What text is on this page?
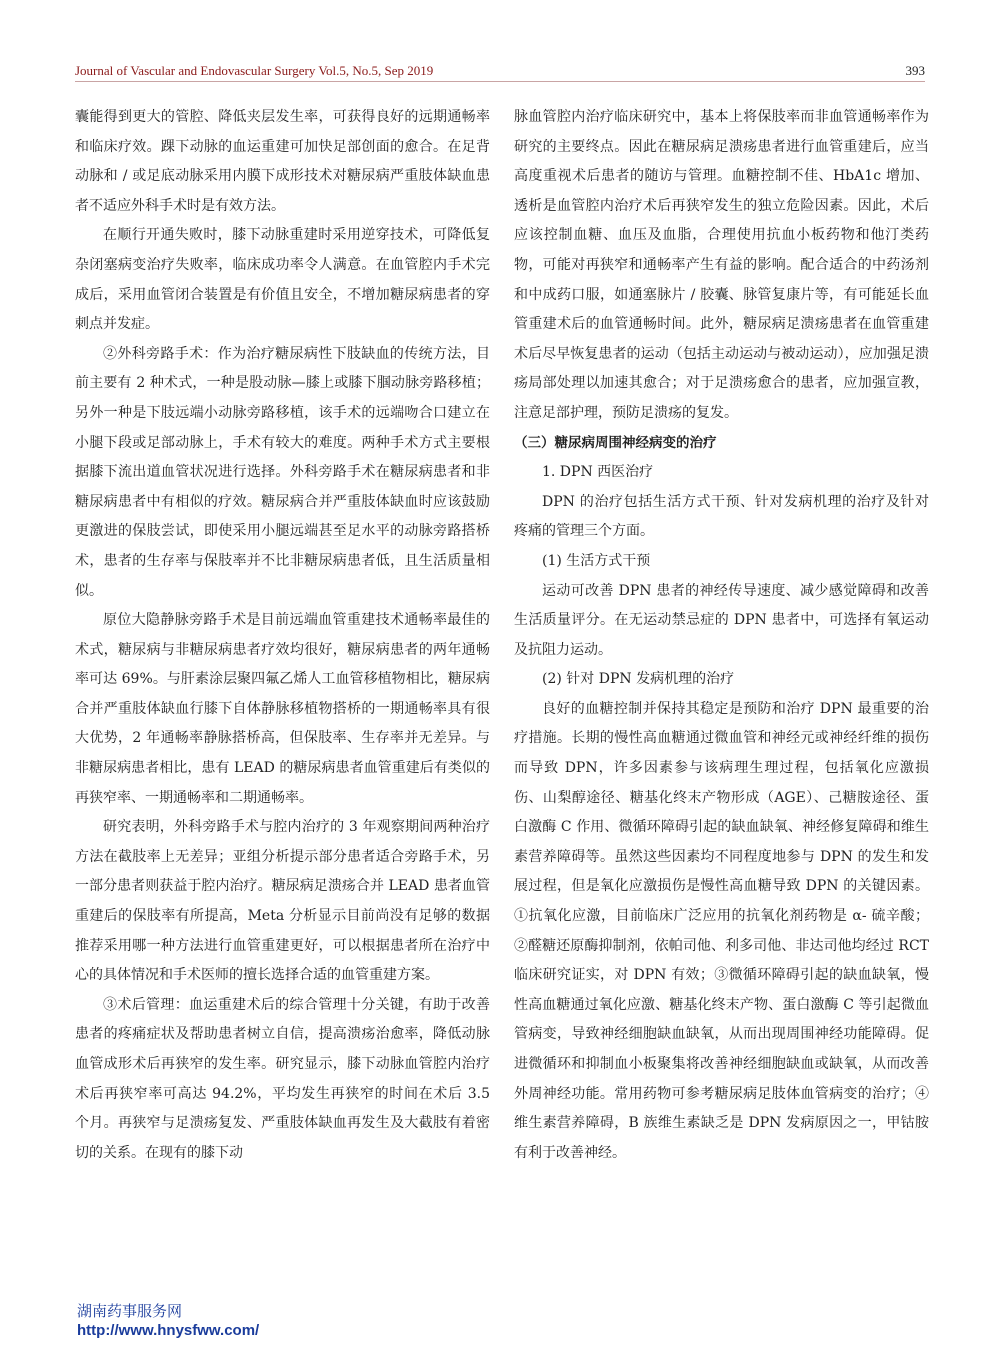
Journal of Vascular and Endovascular Surgery Vol.5, No.5, Sep 2019	393

囊能得到更大的管腔、降低夹层发生率，可获得良好的远期通畅率和临床疗效。踝下动脉的血运重建可加快足部创面的愈合。在足背动脉和 / 或足底动脉采用内膜下成形技术对糖尿病严重肢体缺血患者不适应外科手术时是有效方法。

在顺行开通失败时，膝下动脉重建时采用逆穿技术，可降低复杂闭塞病变治疗失败率，临床成功率令人满意。在血管腔内手术完成后，采用血管闭合装置是有价值且安全，不增加糖尿病患者的穿刺点并发症。

②外科旁路手术：作为治疗糖尿病性下肢缺血的传统方法，目前主要有 2 种术式，一种是股动脉—膝上或膝下腘动脉旁路移植；另外一种是下肢远端小动脉旁路移植，该手术的远端吻合口建立在小腿下段或足部动脉上，手术有较大的难度。两种手术方式主要根据膝下流出道血管状况进行选择。外科旁路手术在糖尿病患者和非糖尿病患者中有相似的疗效。糖尿病合并严重肢体缺血时应该鼓励更激进的保肢尝试，即使采用小腿远端甚至足水平的动脉旁路搭桥术，患者的生存率与保肢率并不比非糖尿病患者低，且生活质量相似。

原位大隐静脉旁路手术是目前远端血管重建技术通畅率最佳的术式，糖尿病与非糖尿病患者疗效均很好，糖尿病患者的两年通畅率可达 69%。与肝素涂层聚四氟乙烯人工血管移植物相比，糖尿病合并严重肢体缺血行膝下自体静脉移植物搭桥的一期通畅率具有很大优势，2 年通畅率静脉搭桥高，但保肢率、生存率并无差异。与非糖尿病患者相比，患有 LEAD 的糖尿病患者血管重建后有类似的再狭窄率、一期通畅率和二期通畅率。

研究表明，外科旁路手术与腔内治疗的 3 年观察期间两种治疗方法在截肢率上无差异；亚组分析提示部分患者适合旁路手术，另一部分患者则获益于腔内治疗。糖尿病足溃疡合并 LEAD 患者血管重建后的保肢率有所提高，Meta 分析显示目前尚没有足够的数据推荐采用哪一种方法进行血管重建更好，可以根据患者所在治疗中心的具体情况和手术医师的擅长选择合适的血管重建方案。

③术后管理：血运重建术后的综合管理十分关键，有助于改善患者的疼痛症状及帮助患者树立自信，提高溃疡治愈率，降低动脉血管成形术后再狭窄的发生率。研究显示，膝下动脉血管腔内治疗术后再狭窄率可高达 94.2%，平均发生再狭窄的时间在术后 3.5 个月。再狭窄与足溃疡复发、严重肢体缺血再发生及大截肢有着密切的关系。在现有的膝下动

脉血管腔内治疗临床研究中，基本上将保肢率而非血管通畅率作为研究的主要终点。因此在糖尿病足溃疡患者进行血管重建后，应当高度重视术后患者的随访与管理。血糖控制不佳、HbA1c 增加、透析是血管腔内治疗术后再狭窄发生的独立危险因素。因此，术后应该控制血糖、血压及血脂，合理使用抗血小板药物和他汀类药物，可能对再狭窄和通畅率产生有益的影响。配合适合的中药汤剂和中成药口服，如通塞脉片 / 胶囊、脉管复康片等，有可能延长血管重建术后的血管通畅时间。此外，糖尿病足溃疡患者在血管重建术后尽早恢复患者的运动（包括主动运动与被动运动），应加强足溃疡局部处理以加速其愈合；对于足溃疡愈合的患者，应加强宣教，注意足部护理，预防足溃疡的复发。

（三）糖尿病周围神经病变的治疗

1. DPN 西医治疗

DPN 的治疗包括生活方式干预、针对发病机理的治疗及针对疼痛的管理三个方面。

(1) 生活方式干预

运动可改善 DPN 患者的神经传导速度、减少感觉障碍和改善生活质量评分。在无运动禁忌症的 DPN 患者中，可选择有氧运动及抗阻力运动。

(2) 针对 DPN 发病机理的治疗

良好的血糖控制并保持其稳定是预防和治疗 DPN 最重要的治疗措施。长期的慢性高血糖通过微血管和神经元或神经纤维的损伤而导致 DPN，许多因素参与该病理生理过程，包括氧化应激损伤、山梨醇途径、糖基化终末产物形成（AGE）、己糖胺途径、蛋白激酶 C 作用、微循环障碍引起的缺血缺氧、神经修复障碍和维生素营养障碍等。虽然这些因素均不同程度地参与 DPN 的发生和发展过程，但是氧化应激损伤是慢性高血糖导致 DPN 的关键因素。①抗氧化应激，目前临床广泛应用的抗氧化剂药物是 α- 硫辛酸；②醛糖还原酶抑制剂，依帕司他、利多司他、非达司他均经过 RCT 临床研究证实，对 DPN 有效；③微循环障碍引起的缺血缺氧，慢性高血糖通过氧化应激、糖基化终末产物、蛋白激酶 C 等引起微血管病变，导致神经细胞缺血缺氧，从而出现周围神经功能障碍。促进微循环和抑制血小板聚集将改善神经细胞缺血或缺氧，从而改善外周神经功能。常用药物可参考糖尿病足肢体血管病变的治疗；④维生素营养障碍，B 族维生素缺乏是 DPN 发病原因之一，甲钴胺有利于改善神经。

湖南药事服务网
http://www.hnysfww.com/
